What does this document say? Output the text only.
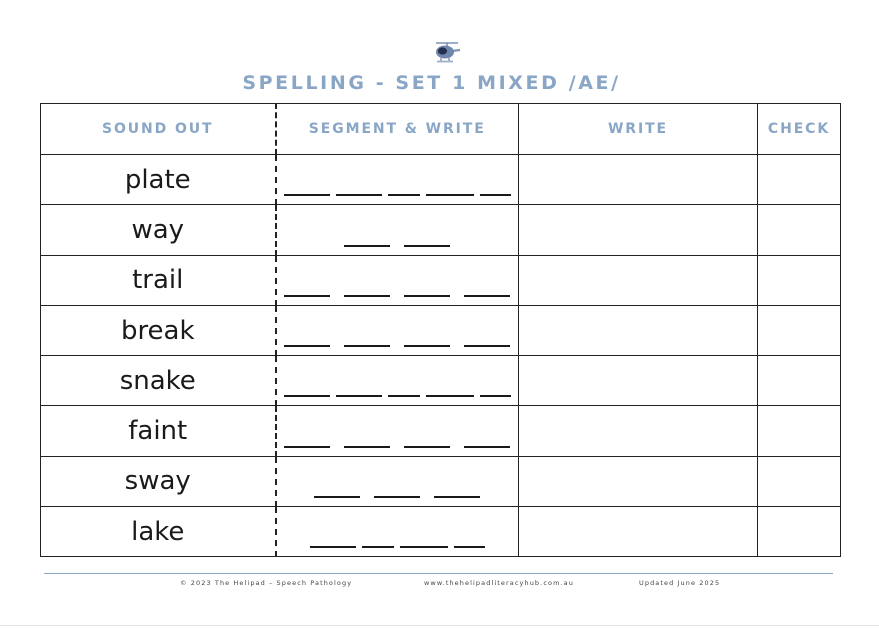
SPELLING - SET 1 MIXED /AE/
SOUND OUT	SEGMENT & WRITE	WRITE	CHECK
plate	

way	

trail	

break	

snake	

faint	

sway	

lake	

© 2023 The Helipad – Speech Pathology	www.thehelipadliteracyhub.com.au	Updated June 2025
